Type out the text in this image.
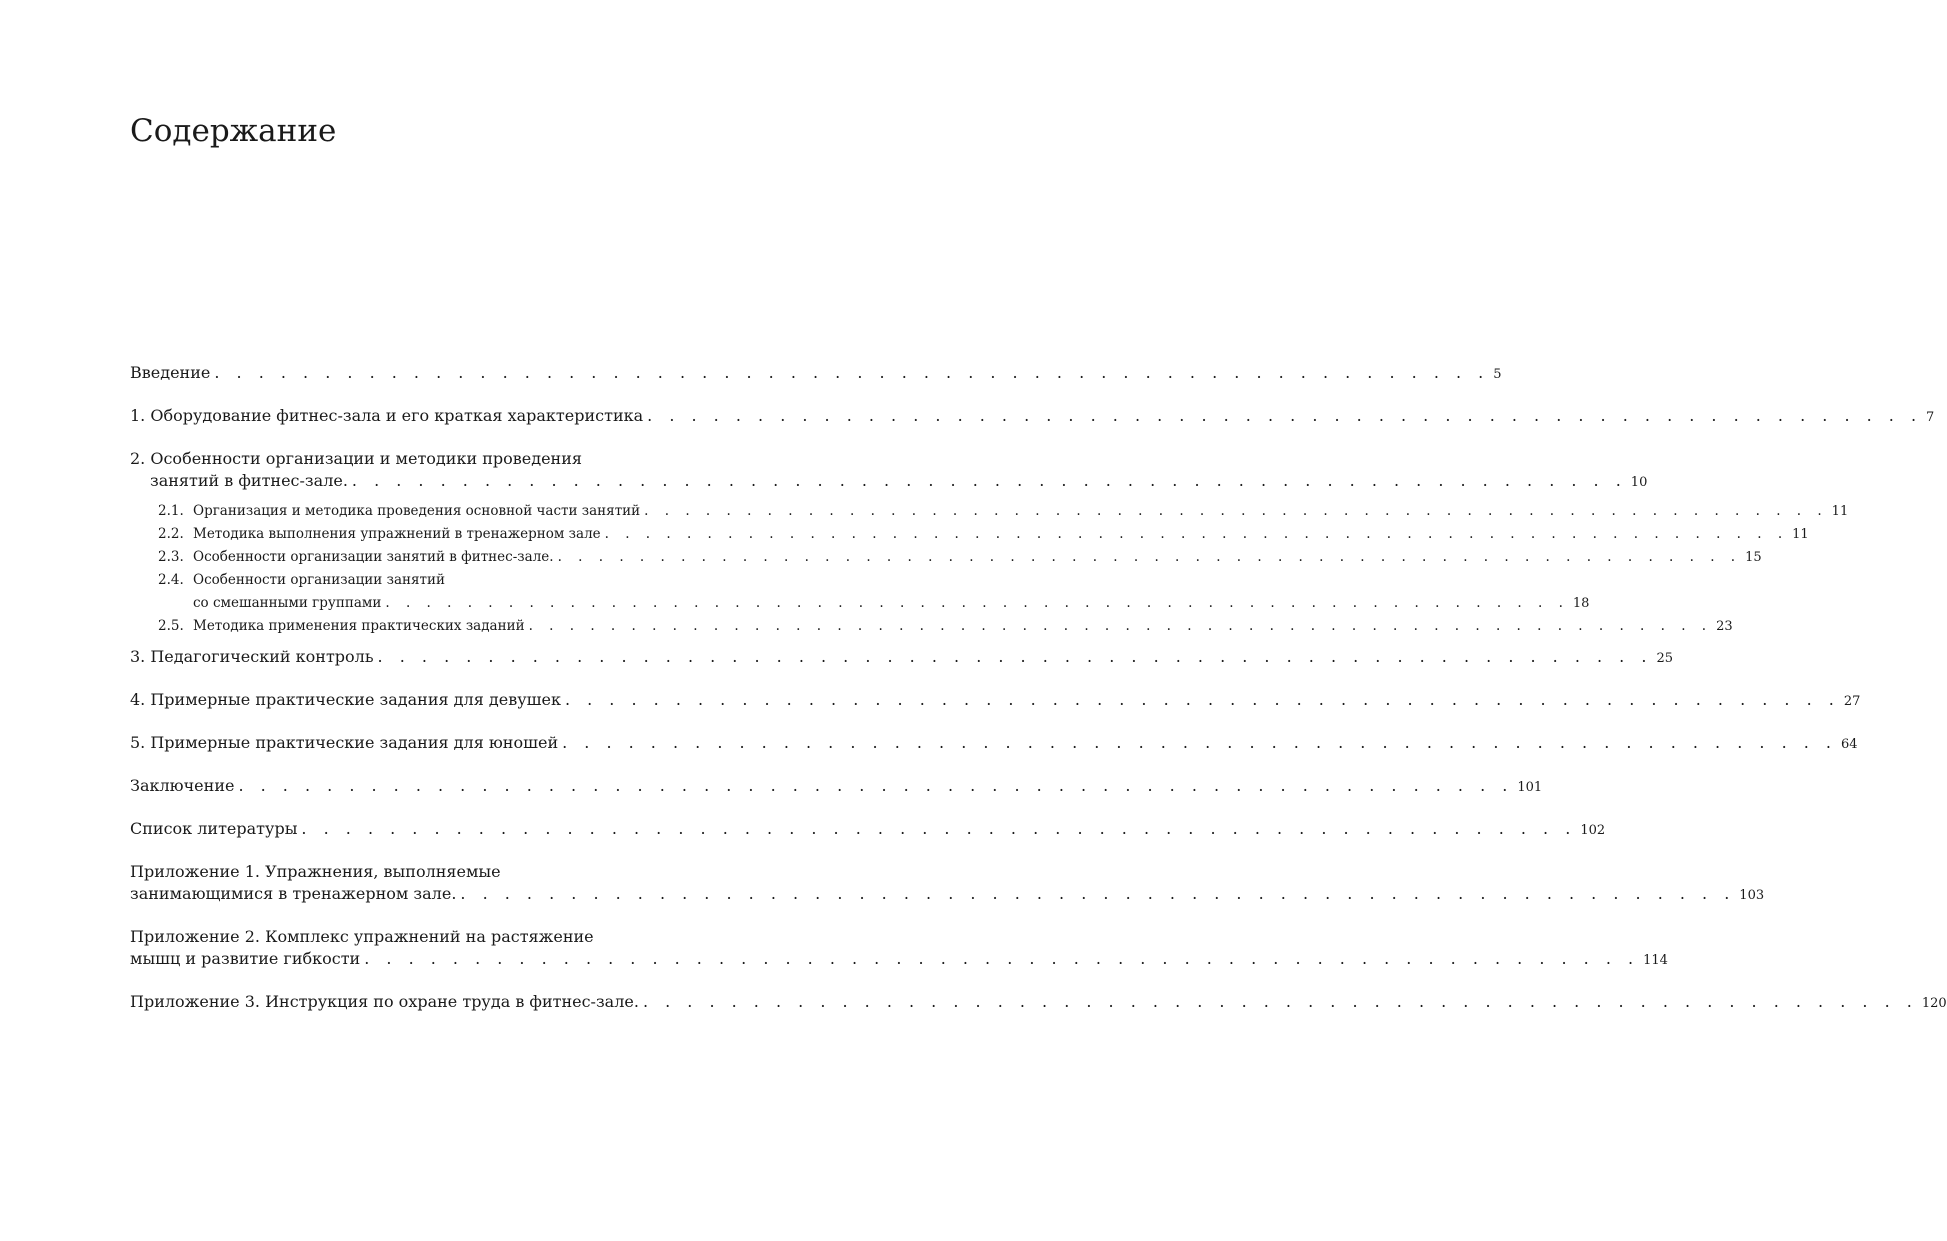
Содержание
Введение . . . . . . . . . . . . . . . . . . . . . . . . . . . . . . . . . . . . . . . . . . . . . . . . . . . . . . . . . . 5
1. Оборудование фитнес-зала и его краткая характеристика . . . . . . . . . . . . . . . . . . . . . . . . . . . . . . . . . . . . . . . . . . . . . . . . . . . . . . . . . . 7
2. Особенности организации и методики проведения
занятий в фитнес-зале. . . . . . . . . . . . . . . . . . . . . . . . . . . . . . . . . . . . . . . . . . . . . . . . . . . . . . . . . . . 10
2.1. Организация и методика проведения основной части занятий . . . . . . . . . . . . . . . . . . . . . . . . . . . . . . . . . . . . . . . . . . . . . . . . . . . . . . . . . . 11
2.2. Методика выполнения упражнений в тренажерном зале . . . . . . . . . . . . . . . . . . . . . . . . . . . . . . . . . . . . . . . . . . . . . . . . . . . . . . . . . . 11
2.3. Особенности организации занятий в фитнес-зале. . . . . . . . . . . . . . . . . . . . . . . . . . . . . . . . . . . . . . . . . . . . . . . . . . . . . . . . . . . 15
2.4. Особенности организации занятий
со смешанными группами . . . . . . . . . . . . . . . . . . . . . . . . . . . . . . . . . . . . . . . . . . . . . . . . . . . . . . . . . . 18
2.5. Методика применения практических заданий . . . . . . . . . . . . . . . . . . . . . . . . . . . . . . . . . . . . . . . . . . . . . . . . . . . . . . . . . . 23
3. Педагогический контроль . . . . . . . . . . . . . . . . . . . . . . . . . . . . . . . . . . . . . . . . . . . . . . . . . . . . . . . . . . 25
4. Примерные практические задания для девушек . . . . . . . . . . . . . . . . . . . . . . . . . . . . . . . . . . . . . . . . . . . . . . . . . . . . . . . . . . 27
5. Примерные практические задания для юношей . . . . . . . . . . . . . . . . . . . . . . . . . . . . . . . . . . . . . . . . . . . . . . . . . . . . . . . . . . 64
Заключение . . . . . . . . . . . . . . . . . . . . . . . . . . . . . . . . . . . . . . . . . . . . . . . . . . . . . . . . . . 101
Список литературы . . . . . . . . . . . . . . . . . . . . . . . . . . . . . . . . . . . . . . . . . . . . . . . . . . . . . . . . . . 102
Приложение 1. Упражнения, выполняемые
занимающимися в тренажерном зале. . . . . . . . . . . . . . . . . . . . . . . . . . . . . . . . . . . . . . . . . . . . . . . . . . . . . . . . . . . 103
Приложение 2. Комплекс упражнений на растяжение
мышц и развитие гибкости . . . . . . . . . . . . . . . . . . . . . . . . . . . . . . . . . . . . . . . . . . . . . . . . . . . . . . . . . . 114
Приложение 3. Инструкция по охране труда в фитнес-зале. . . . . . . . . . . . . . . . . . . . . . . . . . . . . . . . . . . . . . . . . . . . . . . . . . . . . . . . . . . 120
